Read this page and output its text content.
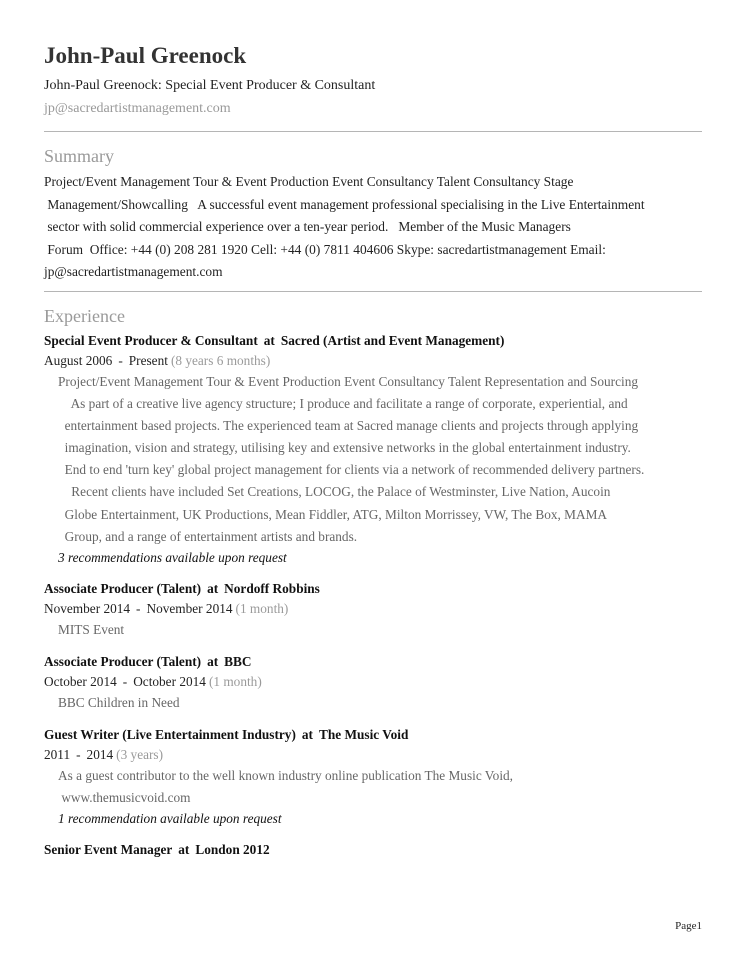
John-Paul Greenock
John-Paul Greenock: Special Event Producer & Consultant
jp@sacredartistmanagement.com
Summary
Project/Event Management Tour & Event Production Event Consultancy Talent Consultancy Stage
Management/Showcalling   A successful event management professional specialising in the Live Entertainment
sector with solid commercial experience over a ten-year period.   Member of the Music Managers
Forum  Office: +44 (0) 208 281 1920 Cell: +44 (0) 7811 404606 Skype: sacredartistmanagement Email:
jp@sacredartistmanagement.com
Experience
Special Event Producer & Consultant at Sacred (Artist and Event Management)
August 2006 - Present (8 years 6 months)
Project/Event Management Tour & Event Production Event Consultancy Talent Representation and Sourcing
As part of a creative live agency structure; I produce and facilitate a range of corporate, experiential, and
entertainment based projects. The experienced team at Sacred manage clients and projects through applying
imagination, vision and strategy, utilising key and extensive networks in the global entertainment industry.
End to end 'turn key' global project management for clients via a network of recommended delivery partners.
Recent clients have included Set Creations, LOCOG, the Palace of Westminster, Live Nation, Aucoin
Globe Entertainment, UK Productions, Mean Fiddler, ATG, Milton Morrissey, VW, The Box, MAMA
Group, and a range of entertainment artists and brands.
3 recommendations available upon request
Associate Producer (Talent) at Nordoff Robbins
November 2014 - November 2014 (1 month)
MITS Event
Associate Producer (Talent) at BBC
October 2014 - October 2014 (1 month)
BBC Children in Need
Guest Writer (Live Entertainment Industry) at The Music Void
2011 - 2014 (3 years)
As a guest contributor to the well known industry online publication The Music Void,
www.themusicvoid.com
1 recommendation available upon request
Senior Event Manager at London 2012
Page1
